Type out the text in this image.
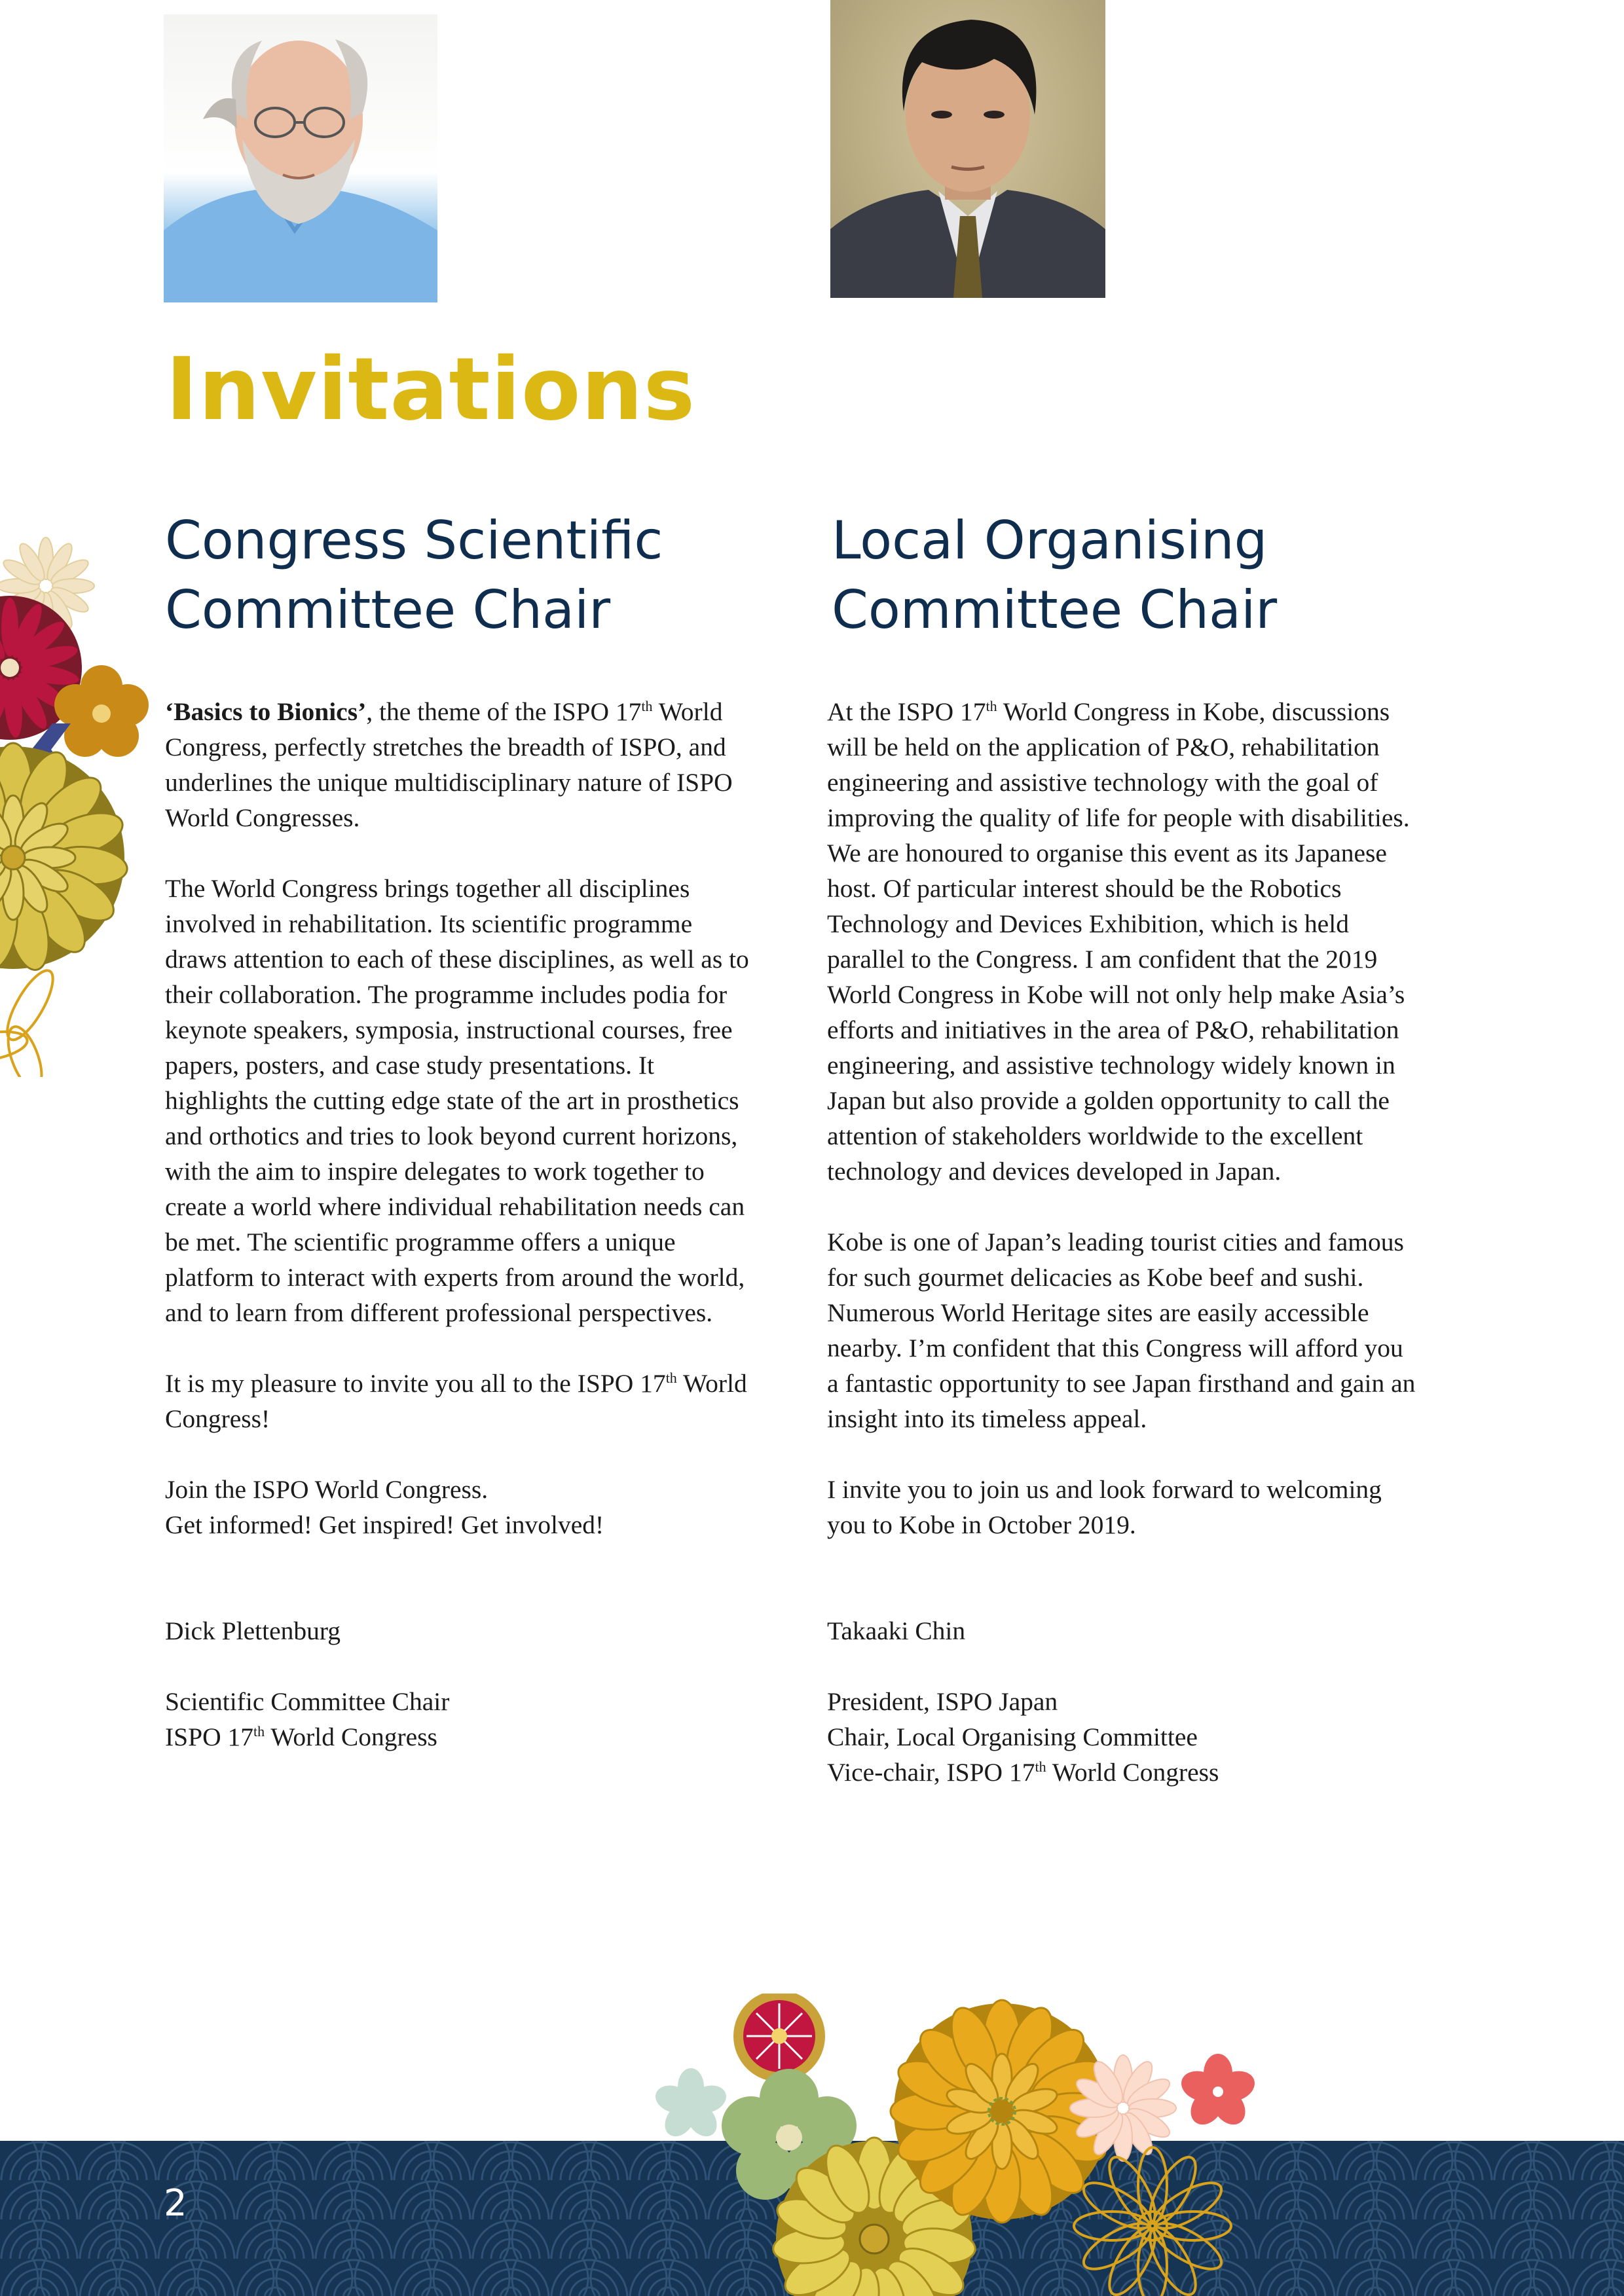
Invitations
Congress Scientific
Committee Chair
Local Organising
Committee Chair

‘Basics to Bionics’, the theme of the ISPO 17th World Congress, perfectly stretches the breadth of ISPO, and underlines the unique multidisciplinary nature of ISPO World Congresses.

The World Congress brings together all disciplines involved in rehabilitation. Its scientific programme draws attention to each of these disciplines, as well as to their collaboration. The programme includes podia for keynote speakers, symposia, instructional courses, free papers, posters, and case study presentations. It highlights the cutting edge state of the art in prosthetics and orthotics and tries to look beyond current horizons, with the aim to inspire delegates to work together to create a world where individual rehabilitation needs can be met. The scientific programme offers a unique platform to interact with experts from around the world, and to learn from different professional perspectives.

It is my pleasure to invite you all to the ISPO 17th World Congress!

Join the ISPO World Congress.
Get informed! Get inspired! Get involved!

Dick Plettenburg

Scientific Committee Chair
ISPO 17th World Congress

At the ISPO 17th World Congress in Kobe, discussions will be held on the application of P&O, rehabilitation engineering and assistive technology with the goal of improving the quality of life for people with disabilities. We are honoured to organise this event as its Japanese host. Of particular interest should be the Robotics Technology and Devices Exhibition, which is held parallel to the Congress. I am confident that the 2019 World Congress in Kobe will not only help make Asia’s efforts and initiatives in the area of P&O, rehabilitation engineering, and assistive technology widely known in Japan but also provide a golden opportunity to call the attention of stakeholders worldwide to the excellent technology and devices developed in Japan.

Kobe is one of Japan’s leading tourist cities and famous for such gourmet delicacies as Kobe beef and sushi. Numerous World Heritage sites are easily accessible nearby. I’m confident that this Congress will afford you a fantastic opportunity to see Japan firsthand and gain an insight into its timeless appeal.

I invite you to join us and look forward to welcoming you to Kobe in October 2019.

Takaaki Chin

President, ISPO Japan
Chair, Local Organising Committee
Vice-chair, ISPO 17th World Congress

2
